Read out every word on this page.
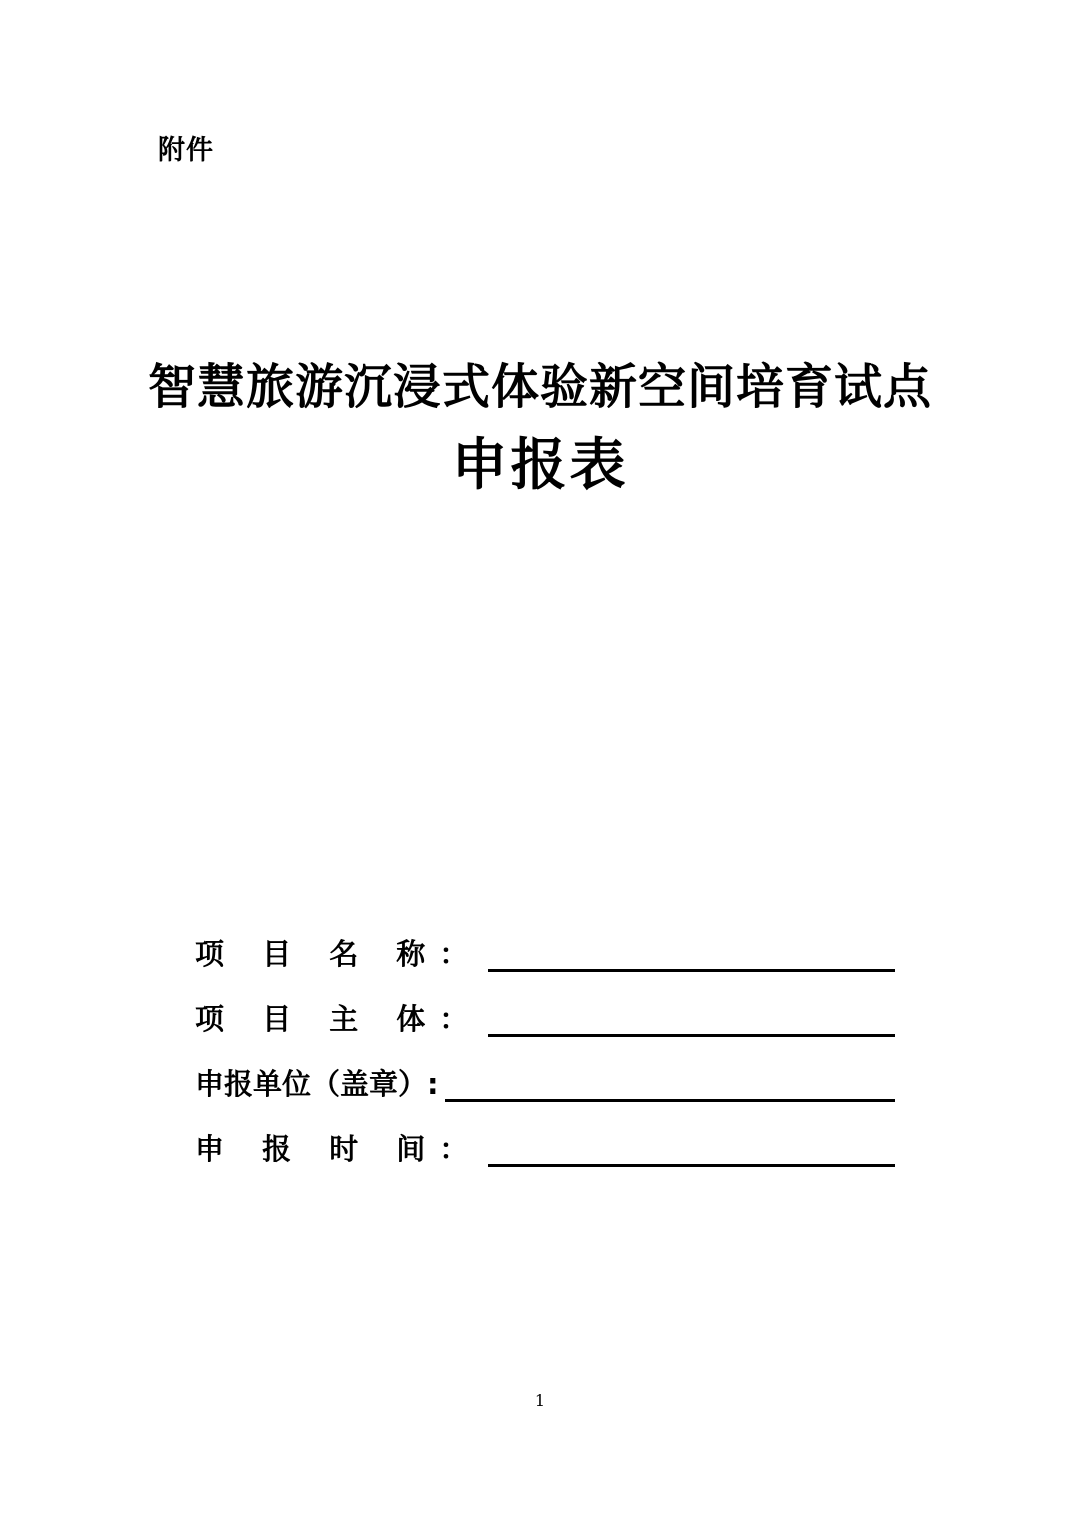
附件
智慧旅游沉浸式体验新空间培育试点
申报表
项 目 名 称：
项 目 主 体：
申报单位（盖章）:
申 报 时 间：
1
